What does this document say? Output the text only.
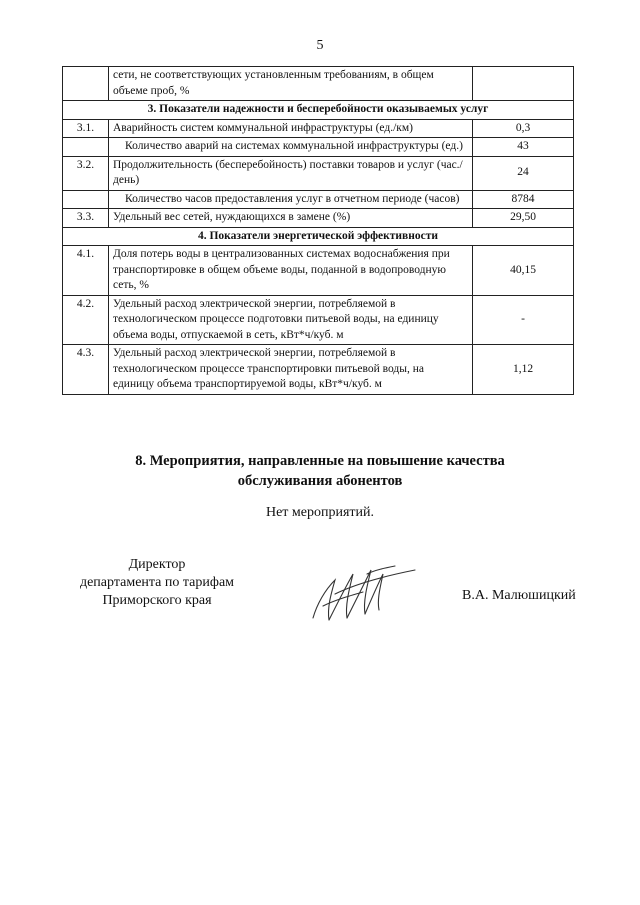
5
	сети, не соответствующих установленным требованиям, в общем объеме проб, %	
3. Показатели надежности и бесперебойности оказываемых услуг		
3.1.	Аварийность систем коммунальной инфраструктуры (ед./км)	0,3

	Количество аварий на системах коммунальной инфраструктуры (ед.)	43
3.2.	Продолжительность (бесперебойность) поставки товаров и услуг (час./день)	24

	Количество часов предоставления услуг в отчетном периоде (часов)	8784
3.3.	Удельный вес сетей, нуждающихся в замене (%)	29,50
4. Показатели энергетической эффективности		
4.1.	Доля потерь воды в централизованных системах водоснабжения при транспортировке в общем объеме воды, поданной в водопроводную сеть, %	40,15
4.2.	Удельный расход электрической энергии, потребляемой в технологическом процессе подготовки питьевой воды, на единицу объема воды, отпускаемой в сеть, кВт*ч/куб. м	-
4.3.	Удельный расход электрической энергии, потребляемой в технологическом процессе транспортировки питьевой воды, на единицу объема транспортируемой воды, кВт*ч/куб. м	1,12
8. Мероприятия, направленные на повышение качества
обслуживания абонентов
Нет мероприятий.
Директор
департамента по тарифам
Приморского края	В.А. Малюшицкий
